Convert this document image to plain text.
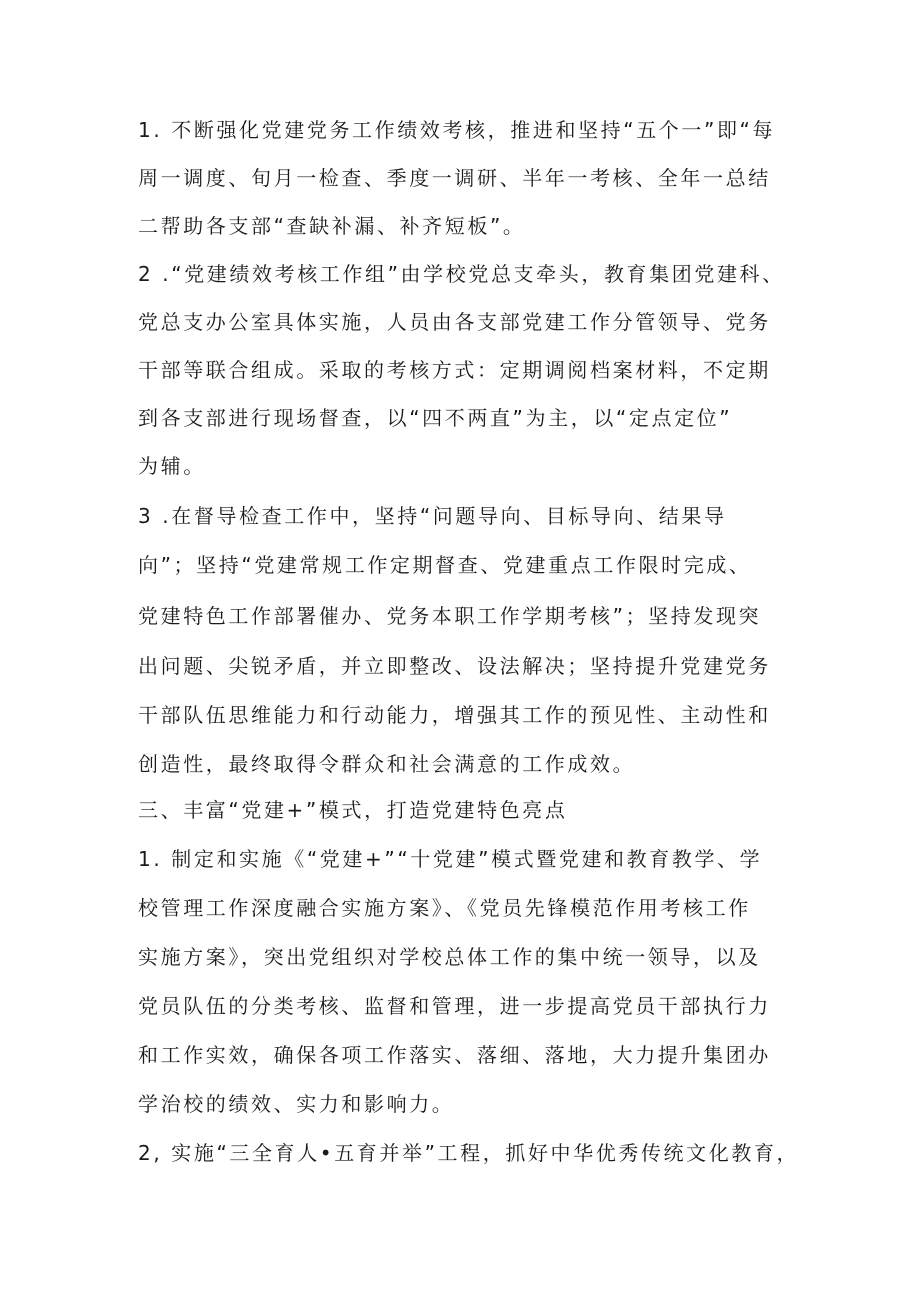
1. 不断强化党建党务工作绩效考核，推进和坚持“五个一”即“每
周一调度、旬月一检查、季度一调研、半年一考核、全年一总结
二帮助各支部“查缺补漏、补齐短板”。
2 .“党建绩效考核工作组”由学校党总支牵头，教育集团党建科、
党总支办公室具体实施，人员由各支部党建工作分管领导、党务
干部等联合组成。采取的考核方式：定期调阅档案材料，不定期
到各支部进行现场督查，以“四不两直”为主，以“定点定位”
为辅。
3 .在督导检查工作中，坚持“问题导向、目标导向、结果导
向”；坚持“党建常规工作定期督查、党建重点工作限时完成、
党建特色工作部署催办、党务本职工作学期考核”；坚持发现突
出问题、尖锐矛盾，并立即整改、设法解决；坚持提升党建党务
干部队伍思维能力和行动能力，增强其工作的预见性、主动性和
创造性，最终取得令群众和社会满意的工作成效。
三、丰富“党建+”模式，打造党建特色亮点
1. 制定和实施《“党建+”“十党建”模式暨党建和教育教学、学
校管理工作深度融合实施方案》、《党员先锋模范作用考核工作
实施方案》，突出党组织对学校总体工作的集中统一领导，以及
党员队伍的分类考核、监督和管理，进一步提高党员干部执行力
和工作实效，确保各项工作落实、落细、落地，大力提升集团办
学治校的绩效、实力和影响力。
2, 实施“三全育人•五育并举”工程，抓好中华优秀传统文化教育，
